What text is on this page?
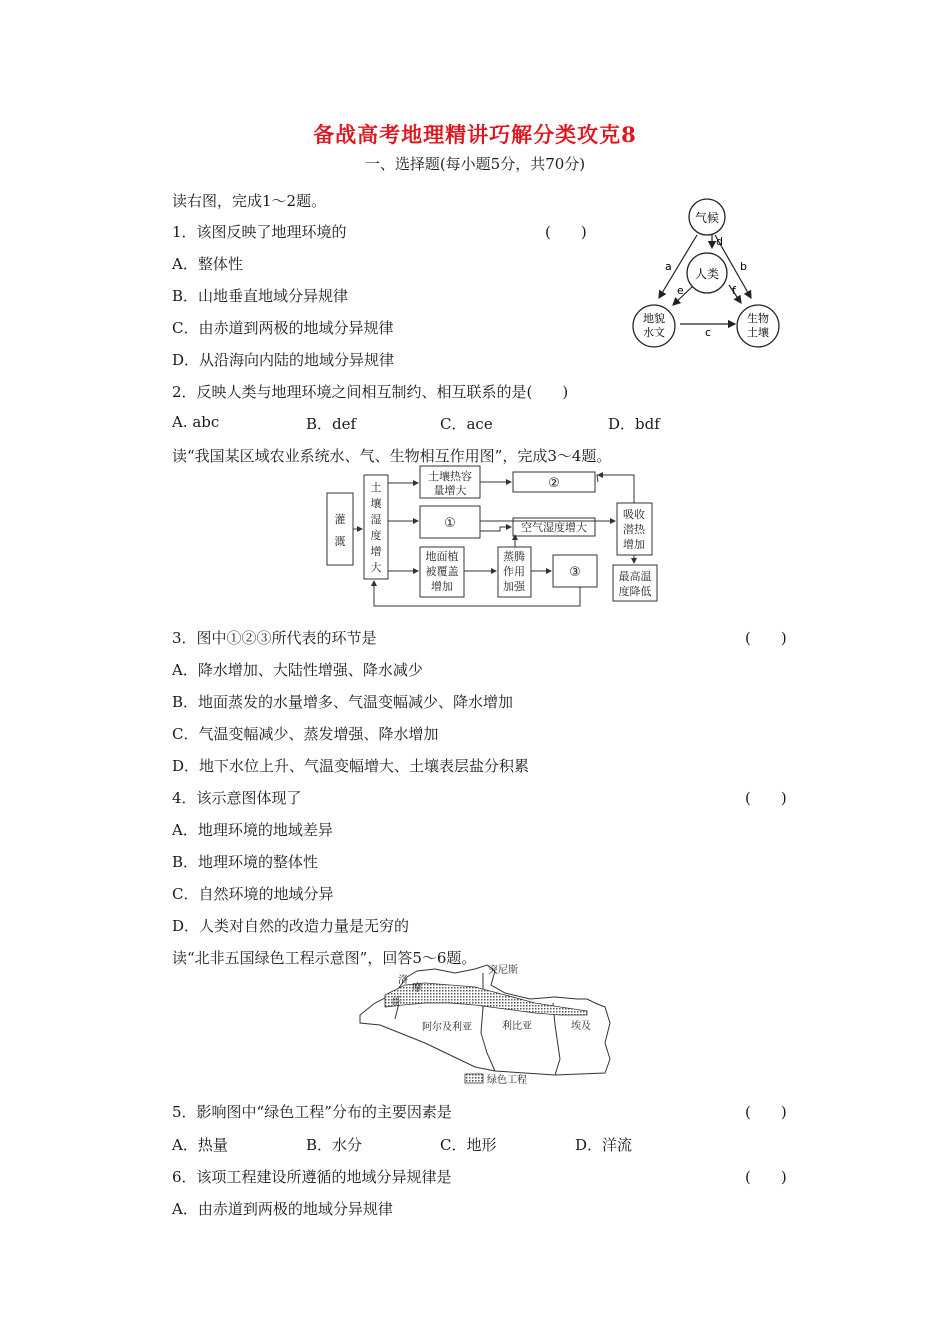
备战高考地理精讲巧解分类攻克8
一、选择题(每小题5分，共70分)
读右图，完成1～2题。
1．该图反映了地理环境的	(　　)
A．整体性
B．山地垂直地域分异规律
C．由赤道到两极的地域分异规律
D．从沿海向内陆的地域分异规律
2．反映人类与地理环境之间相互制约、相互联系的是(　　)
A. abc	B．def	C．ace	D．bdf
气候
人类
地貌
水文
生物
土壤
a	b
c
d
e	f
读“我国某区域农业系统水、气、生物相互作用图”，完成3～4题。
灌
溉
土
壤
湿
度
增
大
土壤热容
量增大	②
①	空气湿度增大
地面植
被覆盖
增加
蒸腾
作用
加强
③
吸收
潜热
增加
最高温
度降低
3．图中①②③所代表的环节是	(　　)
A．降水增加、大陆性增强、降水减少
B．地面蒸发的水量增多、气温变幅减少、降水增加
C．气温变幅减少、蒸发增强、降水增加
D．地下水位上升、气温变幅增大、土壤表层盐分积累
4．该示意图体现了	(　　)
A．地理环境的地域差异
B．地理环境的整体性
C．自然环境的地域分异
D．人类对自然的改造力量是无穷的
读“北非五国绿色工程示意图”，回答5～6题。
突尼斯
洛
摩
哥
阿尔及利亚	利比亚	埃及
绿色工程
5．影响图中“绿色工程”分布的主要因素是	(　　)
A．热量	B．水分	C．地形	D．洋流
6．该项工程建设所遵循的地域分异规律是	(　　)
A．由赤道到两极的地域分异规律
